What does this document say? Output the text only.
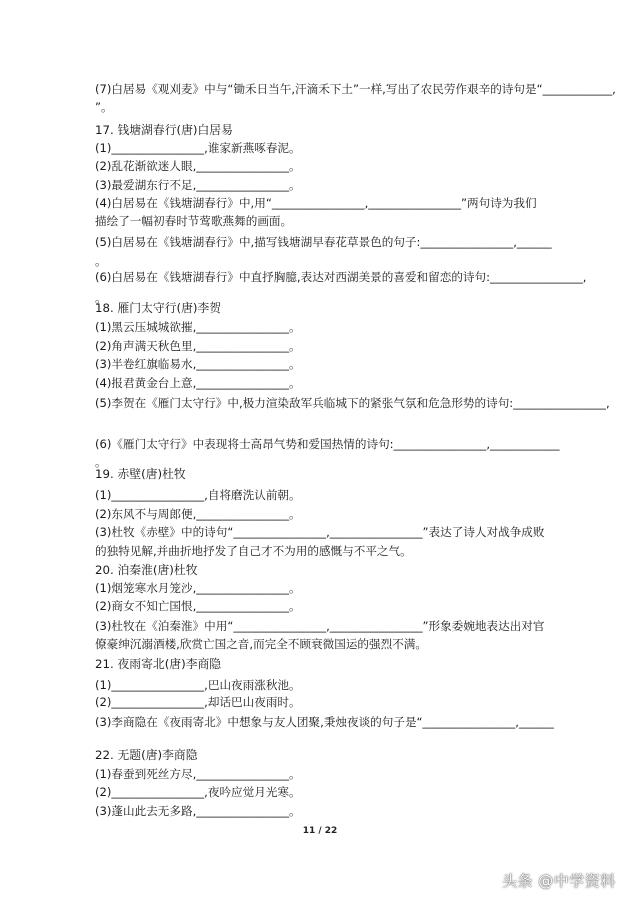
(7)白居易《观刈麦》中与“锄禾日当午,汗滴禾下土”一样,写出了农民劳作艰辛的诗句是“____________,
”。
17. 钱塘湖春行(唐)白居易
(1)________________,谁家新燕啄春泥。
(2)乱花渐欲迷人眼,________________。
(3)最爱湖东行不足,________________。
(4)白居易在《钱塘湖春行》中,用“________________,________________”两句诗为我们
描绘了一幅初春时节莺歌燕舞的画面。
(5)白居易在《钱塘湖春行》中,描写钱塘湖早春花草景色的句子:________________,______
。
(6)白居易在《钱塘湖春行》中直抒胸臆,表达对西湖美景的喜爱和留恋的诗句:________________,
。
18. 雁门太守行(唐)李贺
(1)黑云压城城欲摧,________________。
(2)角声满天秋色里,________________。
(3)半卷红旗临易水,________________。
(4)报君黄金台上意,________________。
(5)李贺在《雁门太守行》中,极力渲染敌军兵临城下的紧张气氛和危急形势的诗句:________________,
(6)《雁门太守行》中表现将士高昂气势和爱国热情的诗句:________________,____________
。
19. 赤壁(唐)杜牧
(1)________________,自将磨洗认前朝。
(2)东风不与周郎便,________________。
(3)杜牧《赤壁》中的诗句“________________,________________”表达了诗人对战争成败
的独特见解,并曲折地抒发了自己才不为用的感慨与不平之气。
20. 泊秦淮(唐)杜牧
(1)烟笼寒水月笼沙,________________。
(2)商女不知亡国恨,________________。
(3)杜牧在《泊秦淮》中用“________________,________________”形象委婉地表达出对官
僚豪绅沉溺酒楼,欣赏亡国之音,而完全不顾衰微国运的强烈不满。
21. 夜雨寄北(唐)李商隐
(1)________________,巴山夜雨涨秋池。
(2)________________,却话巴山夜雨时。
(3)李商隐在《夜雨寄北》中想象与友人团聚,秉烛夜谈的句子是“________________,______
22. 无题(唐)李商隐
(1)春蚕到死丝方尽,________________。
(2)________________,夜吟应觉月光寒。
(3)蓬山此去无多路,________________。
11 / 22
头条 @中学资料
